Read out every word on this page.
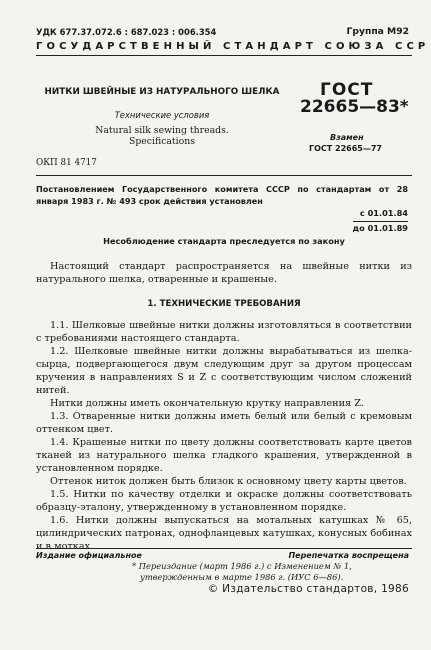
УДК 677.37.072.6 : 687.023 : 006.354	Группа М92
ГОСУДАРСТВЕННЫЙ СТАНДАРТ СОЮЗА ССР
НИТКИ ШВЕЙНЫЕ ИЗ НАТУРАЛЬНОГО ШЕЛКА
Технические условия
Natural silk sewing threads.
Specifications
ГОСТ
22665—83*
Взамен
ГОСТ 22665—77
ОКП 81 4717
Постановлением Государственного комитета СССР по стандартам от 28 января 1983 г. № 493 срок действия установлен
с 01.01.84
до 01.01.89
Несоблюдение стандарта преследуется по закону

Настоящий стандарт распространяется на швейные нитки из натурального шелка, отваренные и крашеные.

1. ТЕХНИЧЕСКИЕ ТРЕБОВАНИЯ

1.1. Шелковые швейные нитки должны изготовляться в соответствии с требованиями настоящего стандарта.

1.2. Шелковые швейные нитки должны вырабатываться из шелка-сырца, подвергающегося двум следующим друг за другом процессам кручения в направлениях S и Z с соответствующим числом сложений нитей.

Нитки должны иметь окончательную крутку направления Z.

1.3. Отваренные нитки должны иметь белый или белый с кремовым оттенком цвет.

1.4. Крашеные нитки по цвету должны соответствовать карте цветов тканей из натурального шелка гладкого крашения, утвержденной в установленном порядке.

Оттенок ниток должен быть близок к основному цвету карты цветов.

1.5. Нитки по качеству отделки и окраске должны соответствовать образцу-эталону, утвержденному в установленном порядке.

1.6. Нитки должны выпускаться на мотальных катушках № 65, цилиндрических патронах, однофланцевых катушках, конусных бобинах и в мотках.

Издание официальное	Перепечатка воспрещена
* Переиздание (март 1986 г.) с Изменением № 1,
утвержденным в марте 1986 г. (ИУС 6—86).
© Издательство стандартов, 1986
